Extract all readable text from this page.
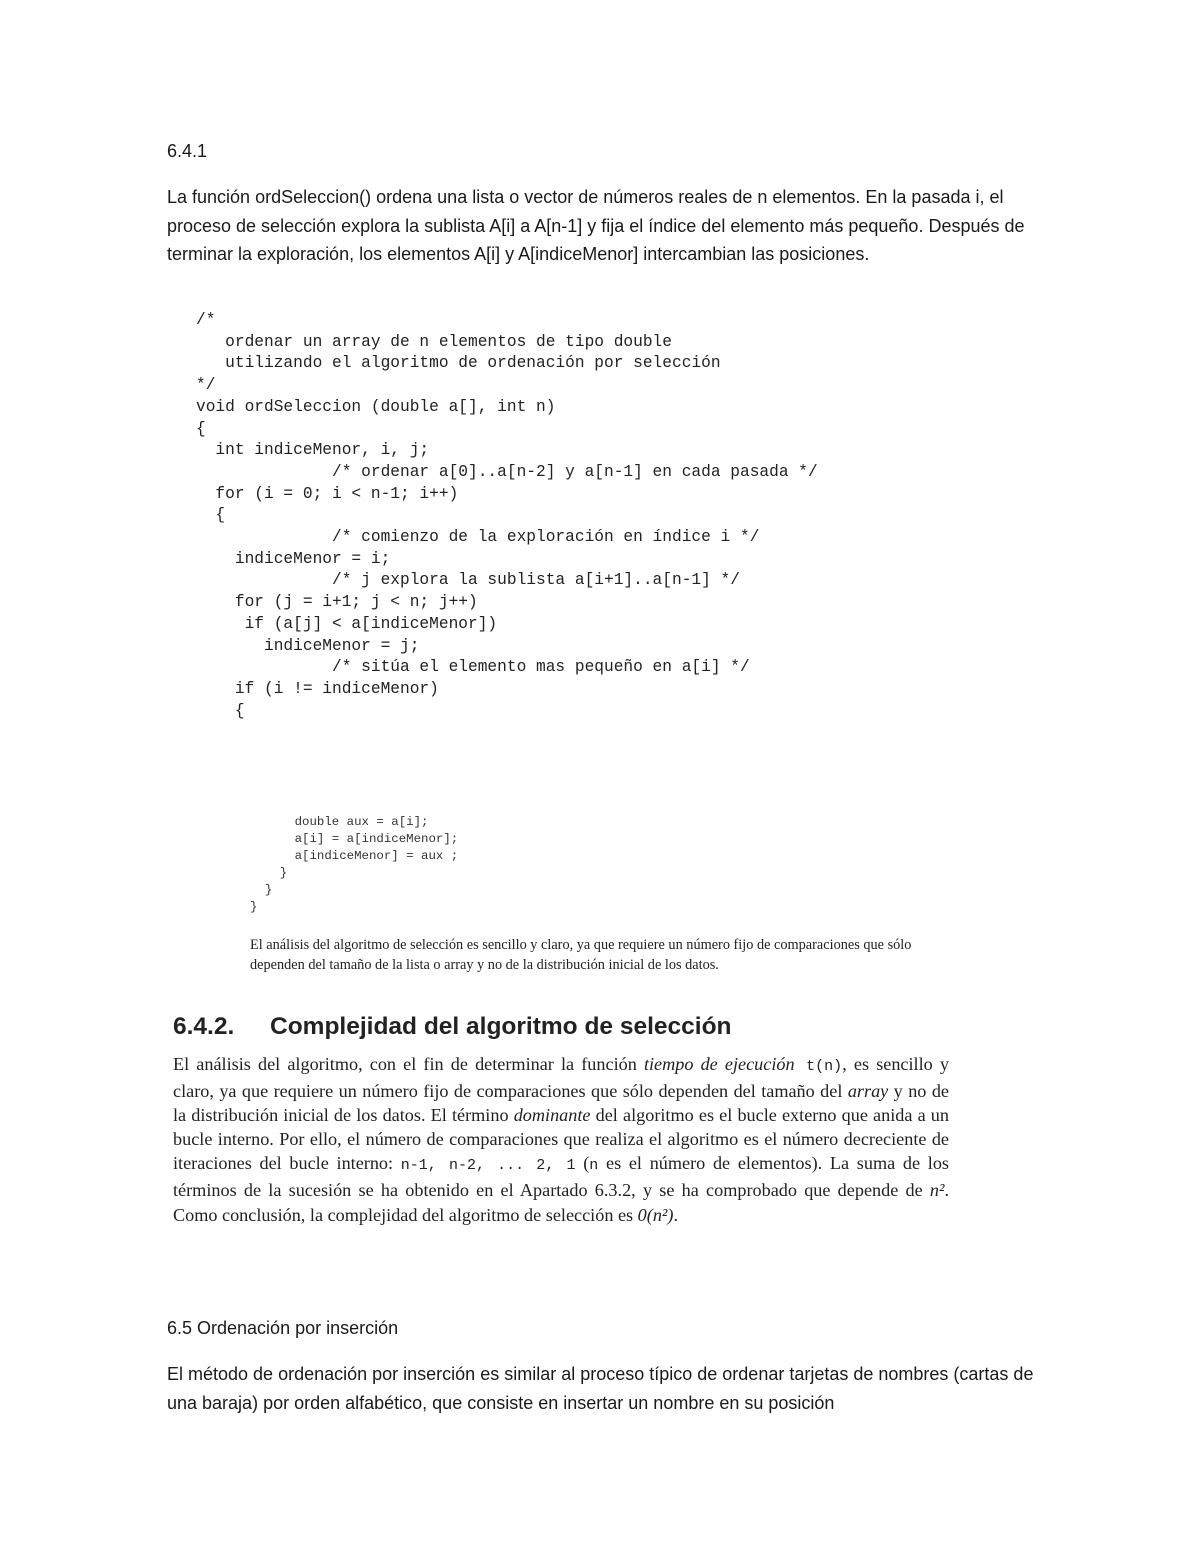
6.4.1

La función ordSeleccion() ordena una lista o vector de números reales de n elementos. En la pasada i, el proceso de selección explora la sublista A[i] a A[n-1] y fija el índice del elemento más pequeño. Después de terminar la exploración, los elementos A[i] y A[indiceMenor] intercambian las posiciones.

/*
ordenar un array de n elementos de tipo double
utilizando el algoritmo de ordenación por selección
*/
void ordSeleccion (double a[], int n)
{
int indiceMenor, i, j;
/* ordenar a[0]..a[n-2] y a[n-1] en cada pasada */
for (i = 0; i < n-1; i++)
{
/* comienzo de la exploración en índice i */
indiceMenor = i;
/* j explora la sublista a[i+1]..a[n-1] */
for (j = i+1; j < n; j++)
if (a[j] < a[indiceMenor])
indiceMenor = j;
/* sitúa el elemento mas pequeño en a[i] */
if (i != indiceMenor)
{
double aux = a[i];
a[i] = a[indiceMenor];
a[indiceMenor] = aux ;
}
}
}

El análisis del algoritmo de selección es sencillo y claro, ya que requiere un número fijo de comparaciones que sólo dependen del tamaño de la lista o array y no de la distribución inicial de los datos.

6.4.2. Complejidad del algoritmo de selección

El análisis del algoritmo, con el fin de determinar la función tiempo de ejecución t(n), es sencillo y claro, ya que requiere un número fijo de comparaciones que sólo dependen del tamaño del array y no de la distribución inicial de los datos. El término dominante del algoritmo es el bucle externo que anida a un bucle interno. Por ello, el número de comparaciones que realiza el algoritmo es el número decreciente de iteraciones del bucle interno: n-1, n-2, ... 2, 1 (n es el número de elementos). La suma de los términos de la sucesión se ha obtenido en el Apartado 6.3.2, y se ha comprobado que depende de n². Como conclusión, la complejidad del algoritmo de selección es 0(n²).

6.5 Ordenación por inserción

El método de ordenación por inserción es similar al proceso típico de ordenar tarjetas de nombres (cartas de una baraja) por orden alfabético, que consiste en insertar un nombre en su posición
